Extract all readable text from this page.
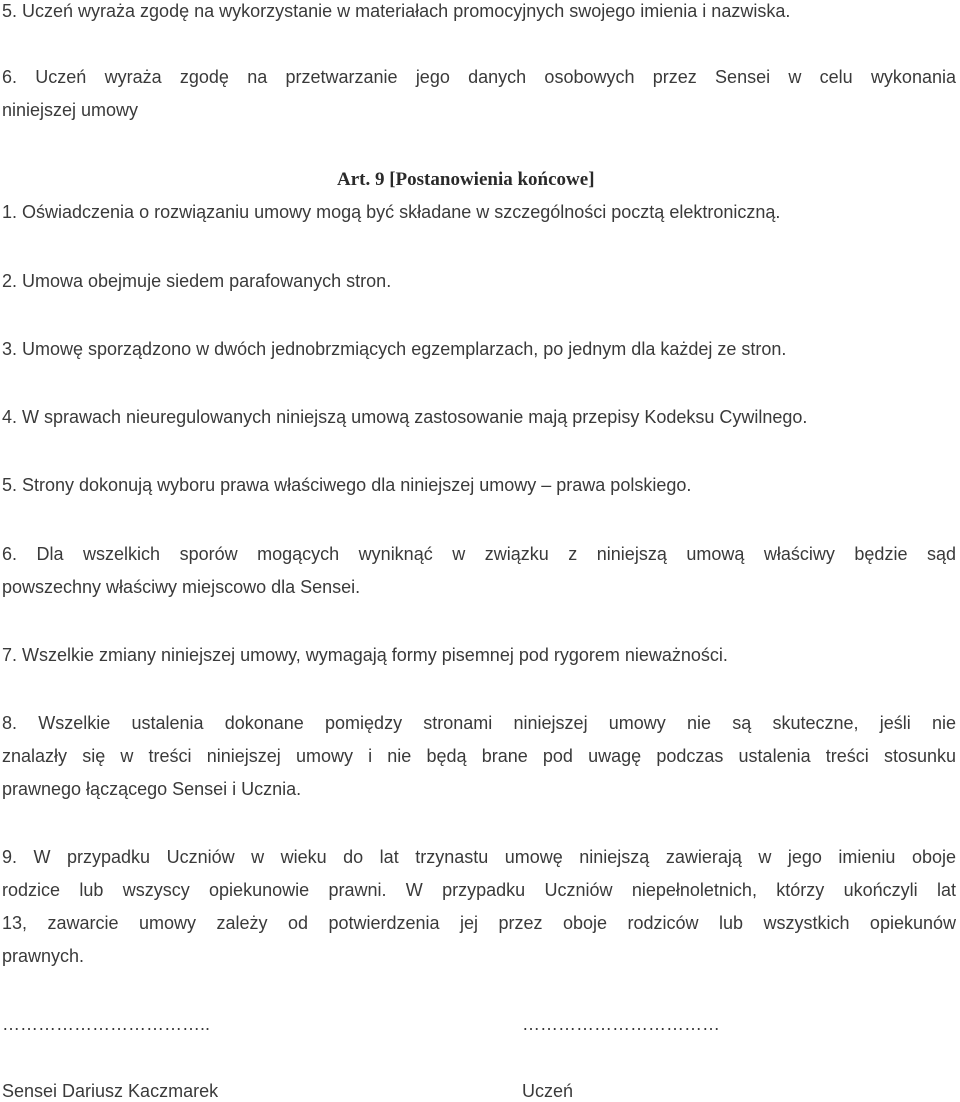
5. Uczeń wyraża zgodę na wykorzystanie w materiałach promocyjnych swojego imienia i nazwiska.
6. Uczeń wyraża zgodę na przetwarzanie jego danych osobowych przez Sensei w celu wykonania
niniejszej umowy
Art. 9 [Postanowienia końcowe]
1. Oświadczenia o rozwiązaniu umowy mogą być składane w szczególności pocztą elektroniczną.
2. Umowa obejmuje siedem parafowanych stron.
3. Umowę sporządzono w dwóch jednobrzmiących egzemplarzach, po jednym dla każdej ze stron.
4. W sprawach nieuregulowanych niniejszą umową zastosowanie mają przepisy Kodeksu Cywilnego.
5. Strony dokonują wyboru prawa właściwego dla niniejszej umowy – prawa polskiego.
6. Dla wszelkich sporów mogących wyniknąć w związku z niniejszą umową właściwy będzie sąd
powszechny właściwy miejscowo dla Sensei.
7. Wszelkie zmiany niniejszej umowy, wymagają formy pisemnej pod rygorem nieważności.
8. Wszelkie ustalenia dokonane pomiędzy stronami niniejszej umowy nie są skuteczne, jeśli nie
znalazły się w treści niniejszej umowy i nie będą brane pod uwagę podczas ustalenia treści stosunku
prawnego łączącego Sensei i Ucznia.
9. W przypadku Uczniów w wieku do lat trzynastu umowę niniejszą zawierają w jego imieniu oboje
rodzice lub wszyscy opiekunowie prawni. W przypadku Uczniów niepełnoletnich, którzy ukończyli lat
13, zawarcie umowy zależy od potwierdzenia jej przez oboje rodziców lub wszystkich opiekunów
prawnych.
……………………………..	……………………………
Sensei Dariusz Kaczmarek	Uczeń
